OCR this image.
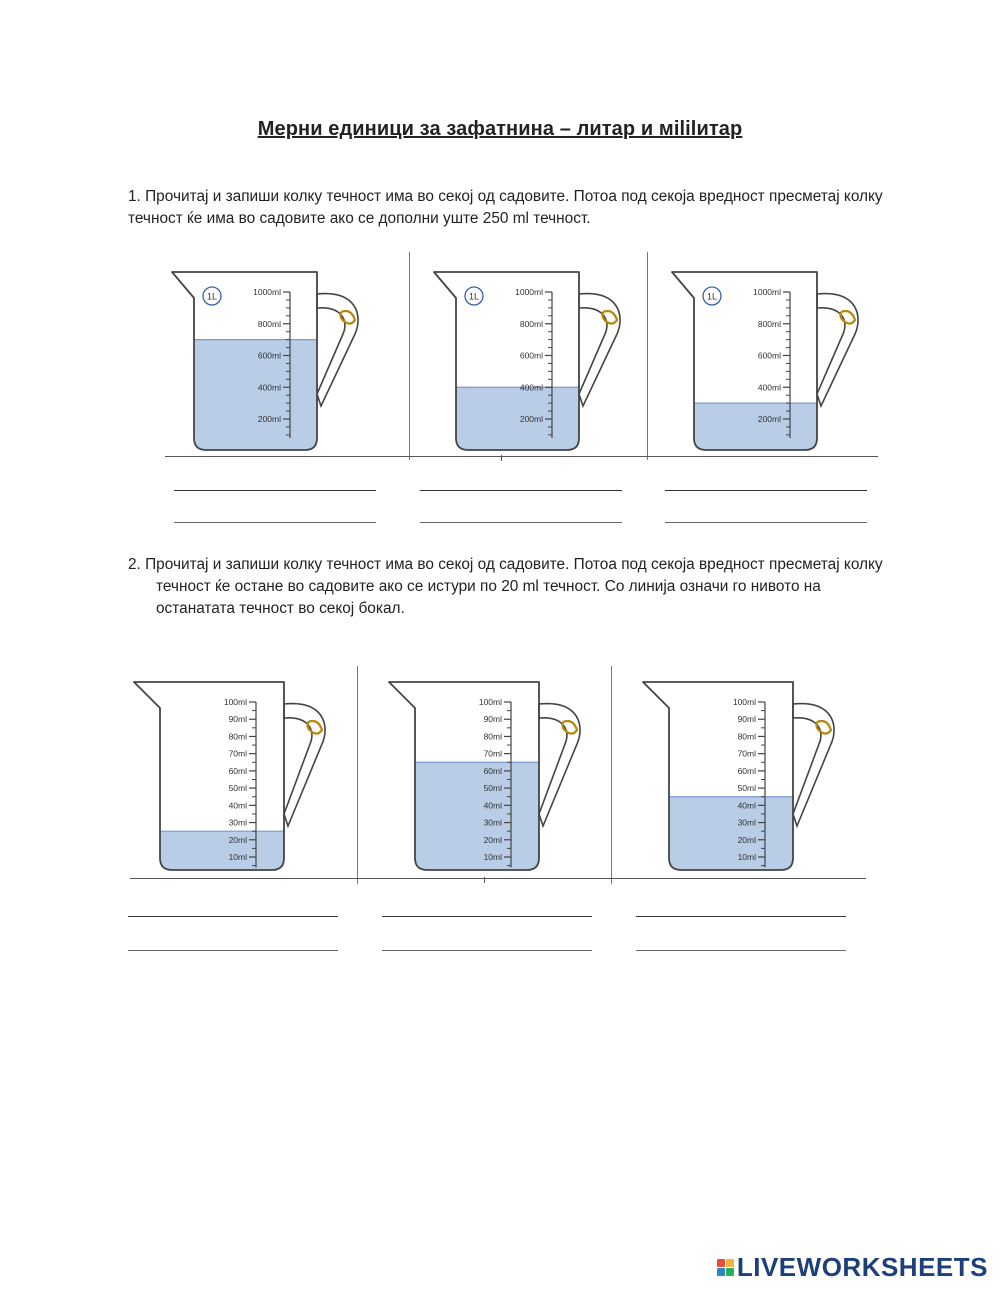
Мерни единици за зафатнина – литар и мililитар

1. Прочитај и запиши колку течност има во секој од садовите. Потоа под секоја вредност пресметај колку
течност ќе има во садовите ако се дополни уште 250 ml течност.

1000ml
800ml
600ml
400ml
200ml
1L	1000ml
800ml
600ml
400ml
200ml
1L	1000ml
800ml
600ml
400ml
200ml
1L

2. Прочитај и запиши колку течност има во секој од садовите. Потоа под секоја вредност пресметај колку

течност ќе остане во садовите ако се истури по 20 ml течност. Со линија означи го нивото на
останатата течност во секој бокал.

100ml
90ml
80ml
70ml
60ml
50ml
40ml
30ml
20ml
10ml
100ml
90ml
80ml
70ml
60ml
50ml
40ml
30ml
20ml
10ml
100ml
90ml
80ml
70ml
60ml
50ml
40ml
30ml
20ml
10ml
LIVEWORKSHEETS
